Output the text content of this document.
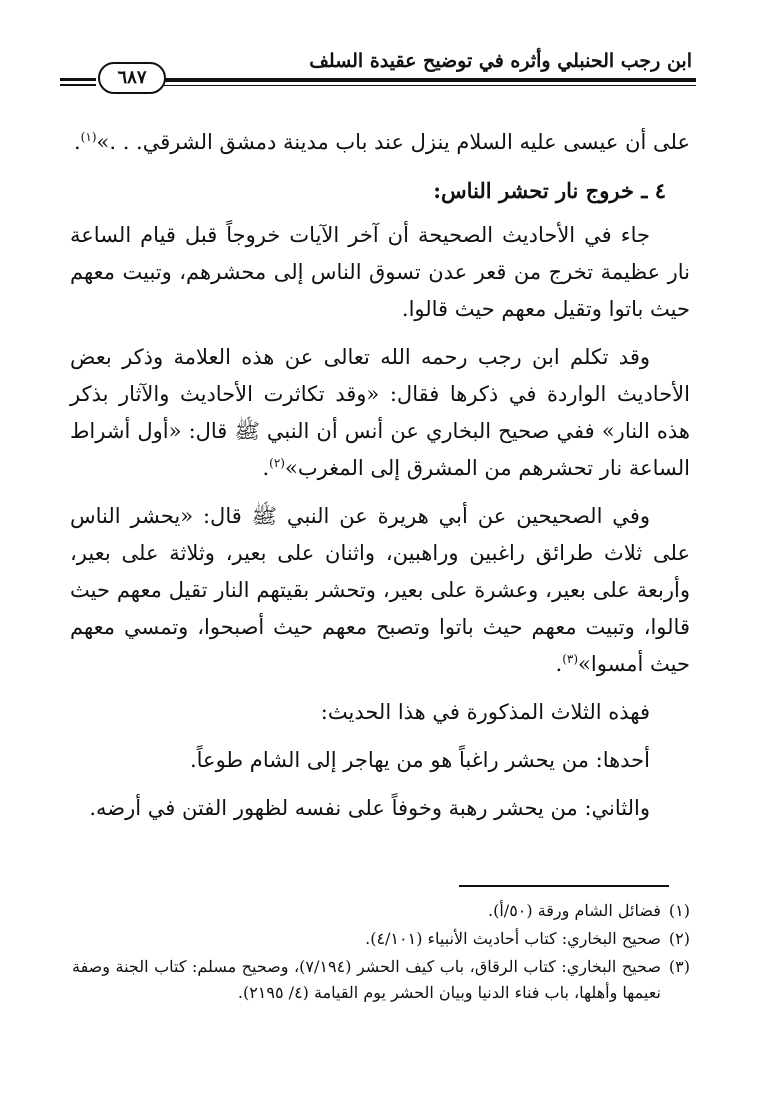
ابن رجب الحنبلي وأثره في توضيح عقيدة السلف
٦٨٧

على أن عيسى عليه السلام ينزل عند باب مدينة دمشق الشرقي. . .»$^{(١)}$.

٤ ـ خروج نار تحشر الناس:

جاء في الأحاديث الصحيحة أن آخر الآيات خروجاً قبل قيام الساعة نار عظيمة تخرج من قعر عدن تسوق الناس إلى محشرهم، وتبيت معهم حيث باتوا وتقيل معهم حيث قالوا.

وقد تكلم ابن رجب رحمه الله تعالى عن هذه العلامة وذكر بعض الأحاديث الواردة في ذكرها فقال: «وقد تكاثرت الأحاديث والآثار بذكر هذه النار» ففي صحيح البخاري عن أنس أن النبي ﷺ قال: «أول أشراط الساعة نار تحشرهم من المشرق إلى المغرب»$^{(٢)}$.

وفي الصحيحين عن أبي هريرة عن النبي ﷺ قال: «يحشر الناس على ثلاث طرائق راغبين وراهبين، واثنان على بعير، وثلاثة على بعير، وأربعة على بعير، وعشرة على بعير، وتحشر بقيتهم النار تقيل معهم حيث قالوا، وتبيت معهم حيث باتوا وتصبح معهم حيث أصبحوا، وتمسي معهم حيث أمسوا»$^{(٣)}$.

فهذه الثلاث المذكورة في هذا الحديث:

أحدها: من يحشر راغباً هو من يهاجر إلى الشام طوعاً.

والثاني: من يحشر رهبة وخوفاً على نفسه لظهور الفتن في أرضه.

(١)
فضائل الشام ورقة (٥٠/أ).
(٢)
صحيح البخاري: كتاب أحاديث الأنبياء (٤/١٠١).
(٣)
صحيح البخاري: كتاب الرقاق، باب كيف الحشر (٧/١٩٤)، وصحيح مسلم: كتاب الجنة وصفة نعيمها وأهلها، باب فناء الدنيا وبيان الحشر يوم القيامة (٤/ ٢١٩٥).
